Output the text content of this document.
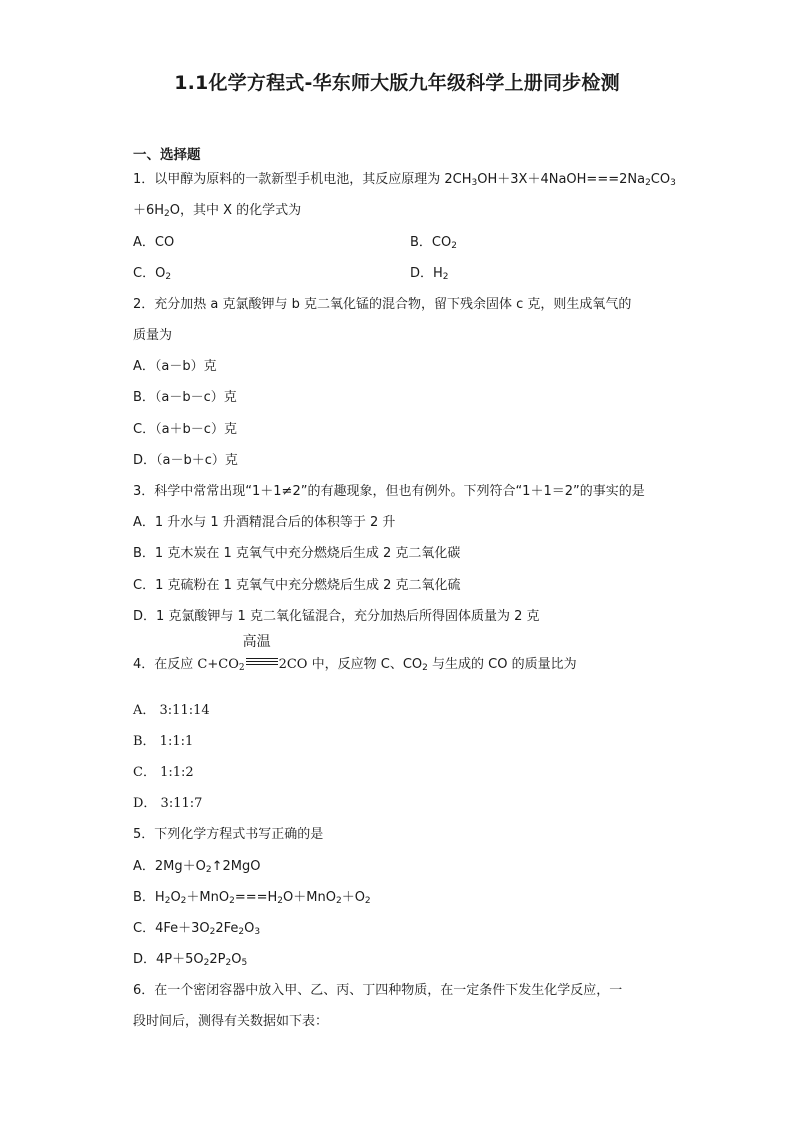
1.1化学方程式-华东师大版九年级科学上册同步检测
一、选择题
1．以甲醇为原料的一款新型手机电池，其反应原理为 $2CH_3OH+3X+4NaOH===2Na_2CO_3$
$+6H_2O$，其中 X 的化学式为
A．CO	B．$CO_2$
C．$O_2$	D．$H_2$
2．充分加热 a 克氯酸钾与 b 克二氧化锰的混合物，留下残余固体 c 克，则生成氧气的
质量为
A．（a－b）克
B．（a－b－c）克
C．（a＋b－c）克
D．（a－b＋c）克
3．科学中常常出现“1＋1≠2”的有趣现象，但也有例外。下列符合“1＋1＝2”的事实的是
A．1 升水与 1 升酒精混合后的体积等于 2 升
B．1 克木炭在 1 克氧气中充分燃烧后生成 2 克二氧化碳
C．1 克硫粉在 1 克氧气中充分燃烧后生成 2 克二氧化硫
D．1 克氯酸钾与 1 克二氧化锰混合，充分加热后所得固体质量为 2 克
4．在反应 $C+CO_2$
高温
2CO 中，反应物 C、$CO_2$ 与生成的 CO 的质量比为
A． 3:11:14
B． 1:1:1
C． 1:1:2
D． 3:11:7
5．下列化学方程式书写正确的是
A．$2Mg+O_2↑2MgO$
B．$H_2O_2+MnO_2===H_2O+MnO_2+O_2$
C．$4Fe+3O_22Fe_2O_3$
D．$4P+5O_22P_2O_5$
6．在一个密闭容器中放入甲、乙、丙、丁四种物质，在一定条件下发生化学反应，一
段时间后，测得有关数据如下表：
